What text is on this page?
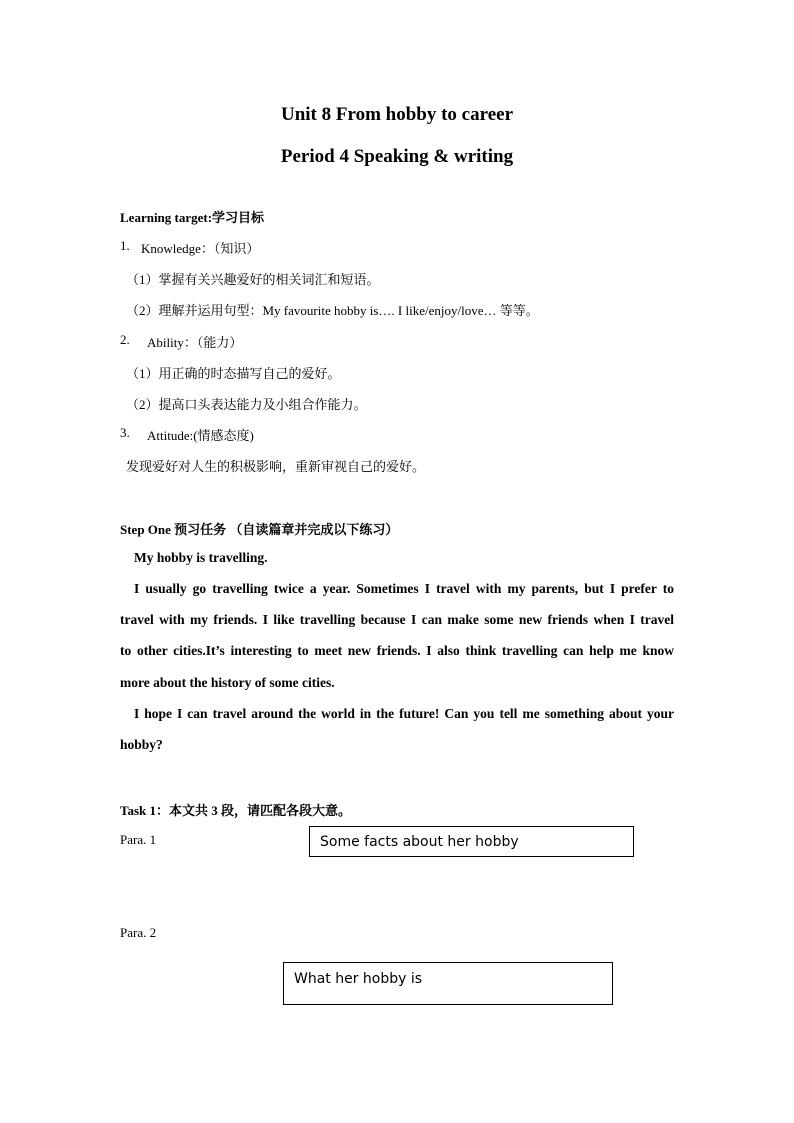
Unit 8 From hobby to career
Period 4 Speaking & writing
Learning target:学习目标
1. Knowledge：（知识）
（1）掌握有关兴趣爱好的相关词汇和短语。
（2）理解并运用句型：My favourite hobby is…. I like/enjoy/love… 等等。
2. Ability：（能力）
（1）用正确的时态描写自己的爱好。
（2）提高口头表达能力及小组合作能力。
3. Attitude:(情感态度)
发现爱好对人生的积极影响，重新审视自己的爱好。
Step One 预习任务 （自读篇章并完成以下练习）
My hobby is travelling.
I usually go travelling twice a year. Sometimes I travel with my parents, but I prefer to
travel with my friends. I like travelling because I can make some new friends when I travel
to other cities.It’s interesting to meet new friends. I also think travelling can help me know
more about the history of some cities.
I hope I can travel around the world in the future! Can you tell me something about your
hobby?
Task 1：本文共 3 段，请匹配各段大意。
Para. 1	Some facts about her hobby
Para. 2
What her hobby is
